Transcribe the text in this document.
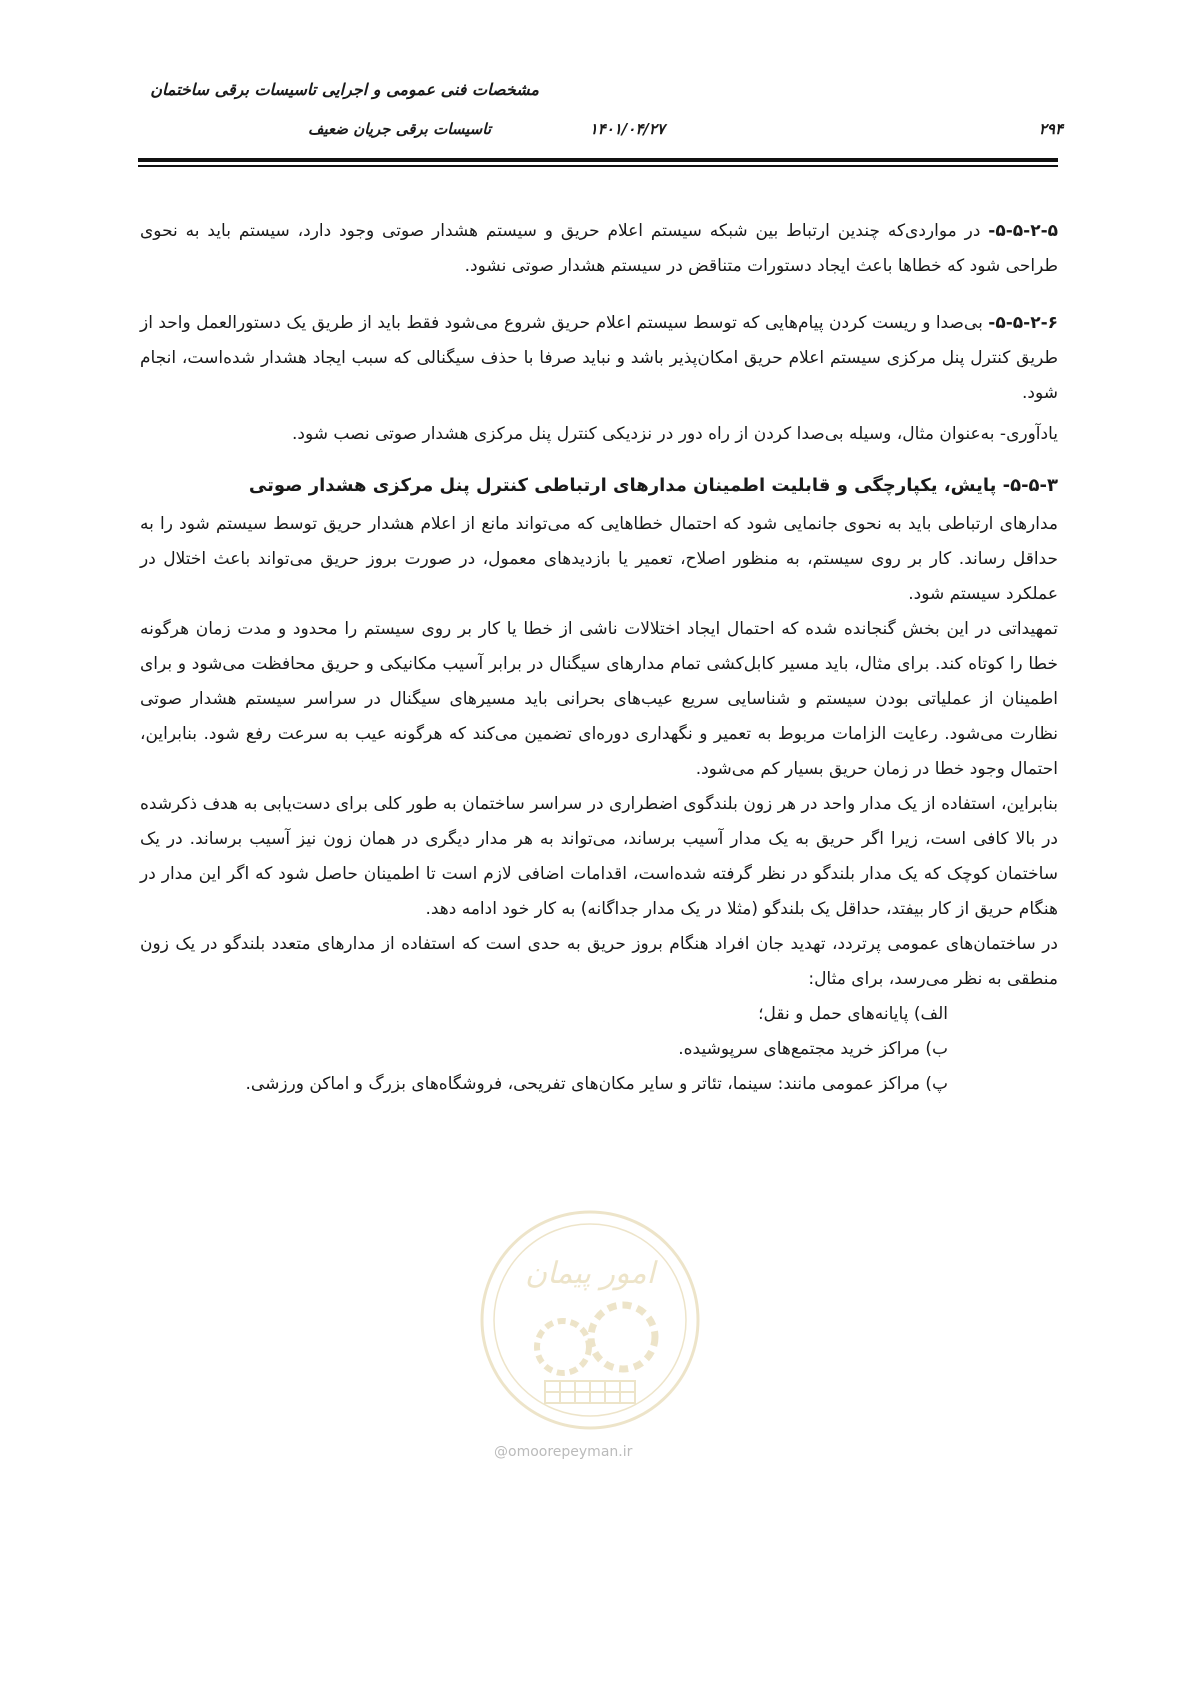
مشخصات فنی عمومی و اجرایی تاسیسات برقی ساختمان
تاسیسات برقی جریان ضعیف	۱۴۰۱/۰۴/۲۷	۲۹۴

۵-۵-۲-۵- در مواردی‌که چندین ارتباط بین شبکه سیستم اعلام حریق و سیستم هشدار صوتی وجود دارد، سیستم باید به نحوی طراحی شود که خطاها باعث ایجاد دستورات متناقض در سیستم هشدار صوتی نشود.

۵-۵-۲-۶- بی‌صدا و ریست کردن پیام‌هایی که توسط سیستم اعلام حریق شروع می‌شود فقط باید از طریق یک دستورالعمل واحد از طریق کنترل پنل مرکزی سیستم اعلام حریق امکان‌پذیر باشد و نباید صرفا با حذف سیگنالی که سبب ایجاد هشدار شده‌است، انجام شود.

یادآوری- به‌عنوان مثال، وسیله بی‌صدا کردن از راه دور در نزدیکی کنترل پنل مرکزی هشدار صوتی نصب شود.

۵-۵-۳- پایش، یکپارچگی و قابلیت اطمینان مدارهای ارتباطی کنترل پنل مرکزی هشدار صوتی

مدارهای ارتباطی باید به نحوی جانمایی شود که احتمال خطاهایی که می‌تواند مانع از اعلام هشدار حریق توسط سیستم شود را به حداقل رساند. کار بر روی سیستم، به منظور اصلاح، تعمیر یا بازدیدهای معمول، در صورت بروز حریق می‌تواند باعث اختلال در عملکرد سیستم شود.

تمهیداتی در این بخش گنجانده شده که احتمال ایجاد اختلالات ناشی از خطا یا کار بر روی سیستم را محدود و مدت زمان هرگونه خطا را کوتاه کند. برای مثال، باید مسیر کابل‌کشی تمام مدارهای سیگنال در برابر آسیب مکانیکی و حریق محافظت می‌شود و برای اطمینان از عملیاتی بودن سیستم و شناسایی سریع عیب‌های بحرانی باید مسیرهای سیگنال در سراسر سیستم هشدار صوتی نظارت می‌شود. رعایت الزامات مربوط به تعمیر و نگهداری دوره‌ای تضمین می‌کند که هرگونه عیب به سرعت رفع شود. بنابراین، احتمال وجود خطا در زمان حریق بسیار کم می‌شود.

بنابراین، استفاده از یک مدار واحد در هر زون بلندگوی اضطراری در سراسر ساختمان به طور کلی برای دست‌یابی به هدف ذکرشده در بالا کافی است، زیرا اگر حریق به یک مدار آسیب برساند، می‌تواند به هر مدار دیگری در همان زون نیز آسیب برساند. در یک ساختمان کوچک که یک مدار بلندگو در نظر گرفته شده‌است، اقدامات اضافی لازم است تا اطمینان حاصل شود که اگر این مدار در هنگام حریق از کار بیفتد، حداقل یک بلندگو (مثلا در یک مدار جداگانه) به کار خود ادامه دهد.

در ساختمان‌های عمومی پرتردد، تهدید جان افراد هنگام بروز حریق به حدی است که استفاده از مدارهای متعدد بلندگو در یک زون منطقی به نظر می‌رسد، برای مثال:

الف) پایانه‌های حمل و نقل؛
ب) مراکز خرید مجتمع‌های سرپوشیده.
پ) مراکز عمومی مانند: سینما، تئاتر و سایر مکان‌های تفریحی، فروشگاه‌های بزرگ و اماکن ورزشی.
امور پیمان
@omoorepeyman.ir
